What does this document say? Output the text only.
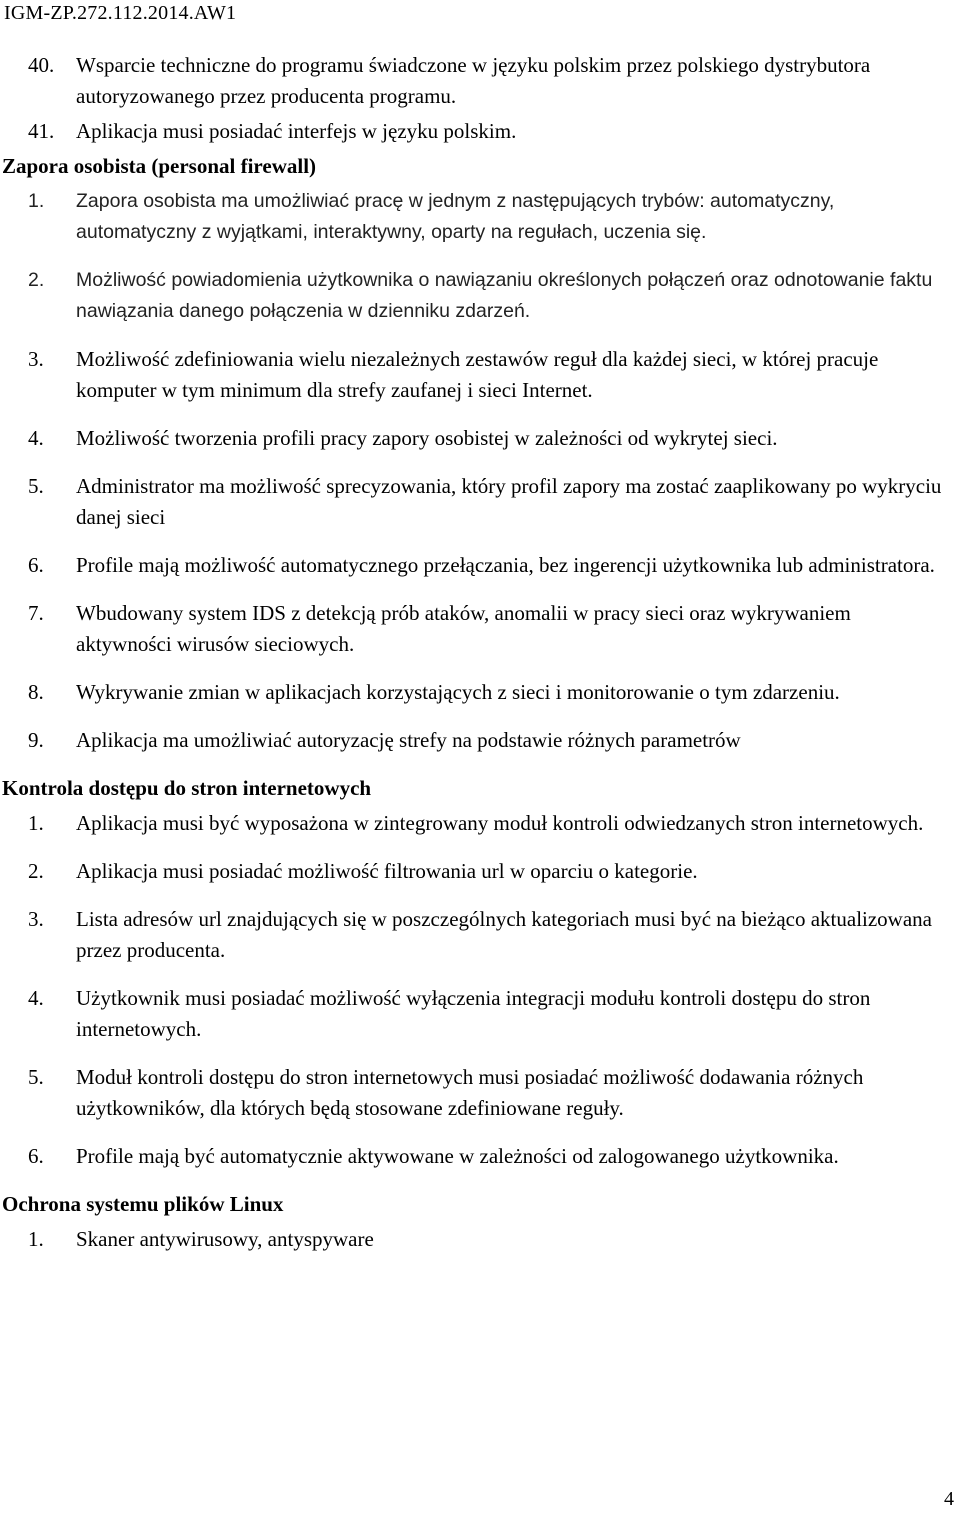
IGM-ZP.272.112.2014.AW1
40.	Wsparcie techniczne do programu świadczone w języku polskim przez polskiego dystrybutora autoryzowanego przez producenta programu.
41.	Aplikacja musi posiadać interfejs w języku polskim.
Zapora osobista (personal firewall)
1.	Zapora osobista ma umożliwiać pracę w jednym z następujących trybów: automatyczny, automatyczny z wyjątkami, interaktywny, oparty na regułach, uczenia się.
2.	Możliwość powiadomienia użytkownika o nawiązaniu określonych połączeń oraz odnotowanie faktu nawiązania danego połączenia w dzienniku zdarzeń.
3.	Możliwość zdefiniowania wielu niezależnych zestawów reguł dla każdej sieci, w której pracuje komputer w tym minimum dla strefy zaufanej i sieci Internet.
4.	Możliwość tworzenia profili pracy zapory osobistej w zależności od wykrytej sieci.
5.	Administrator ma możliwość sprecyzowania, który profil zapory ma zostać zaaplikowany po wykryciu danej sieci
6.	Profile mają możliwość automatycznego przełączania, bez ingerencji użytkownika lub administratora.
7.	Wbudowany system IDS z detekcją prób ataków, anomalii w pracy sieci oraz wykrywaniem aktywności wirusów sieciowych.
8.	Wykrywanie zmian w aplikacjach korzystających z sieci i monitorowanie o tym zdarzeniu.
9.	Aplikacja ma umożliwiać autoryzację strefy na podstawie różnych parametrów
Kontrola dostępu do stron internetowych
1.	Aplikacja musi być wyposażona w zintegrowany moduł kontroli odwiedzanych stron internetowych.
2.	Aplikacja musi posiadać możliwość filtrowania url w oparciu o kategorie.
3.	Lista adresów url znajdujących się w poszczególnych kategoriach musi być na bieżąco aktualizowana przez producenta.
4.	Użytkownik musi posiadać możliwość wyłączenia integracji modułu kontroli dostępu do stron internetowych.
5.	Moduł kontroli dostępu do stron internetowych musi posiadać możliwość dodawania różnych użytkowników, dla których będą stosowane zdefiniowane reguły.
6.	Profile mają być automatycznie aktywowane w zależności od zalogowanego użytkownika.
Ochrona systemu plików Linux
1.	Skaner antywirusowy, antyspyware
4
